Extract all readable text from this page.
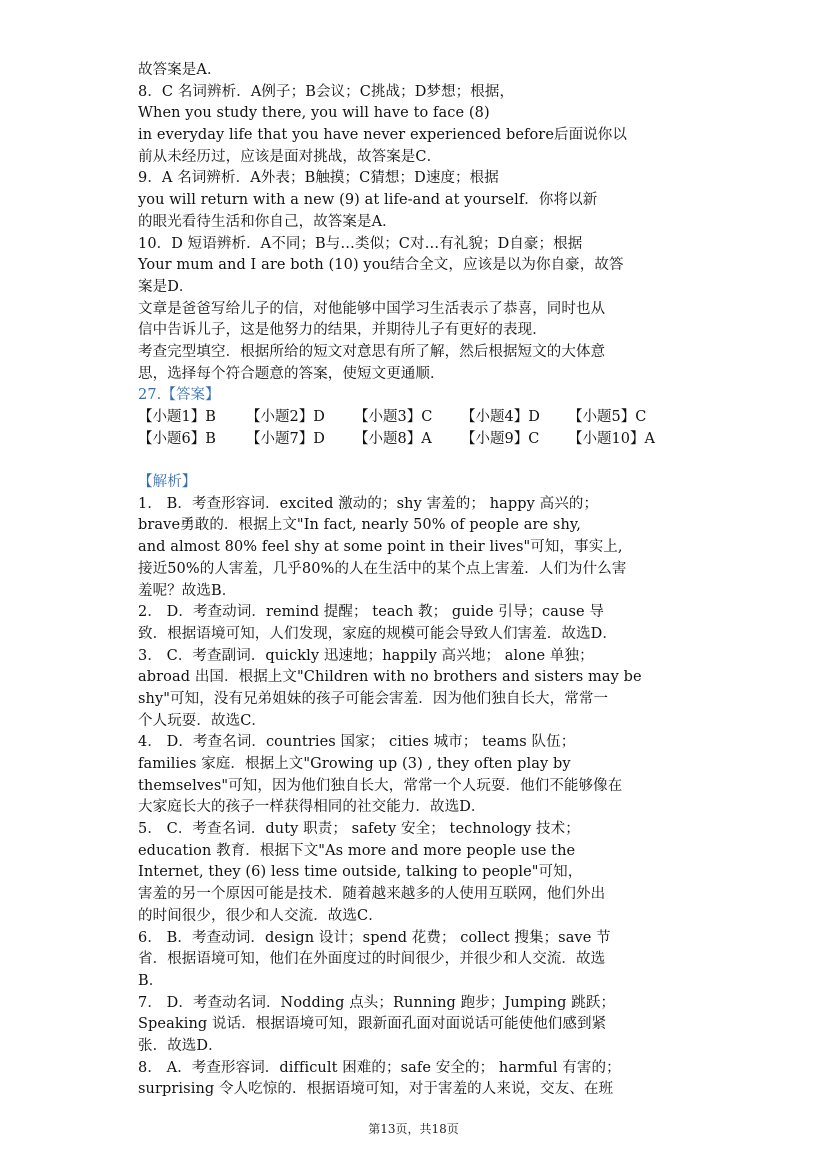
故答案是A．
8．C 名词辨析．A例子；B会议；C挑战；D梦想；根据，
When you study there, you will have to face (8)
in everyday life that you have never experienced before后面说你以
前从未经历过，应该是面对挑战，故答案是C．
9．A 名词辨析．A外表；B触摸；C猜想；D速度；根据
you will return with a new (9) at life-and at yourself．你将以新
的眼光看待生活和你自己，故答案是A．
10．D 短语辨析．A不同；B与…类似；C对…有礼貌；D自豪；根据
Your mum and I are both (10) you结合全文，应该是以为你自豪，故答
案是D．
文章是爸爸写给儿子的信，对他能够中国学习生活表示了恭喜，同时也从
信中告诉儿子，这是他努力的结果，并期待儿子有更好的表现．
考查完型填空．根据所给的短文对意思有所了解，然后根据短文的大体意
思，选择每个符合题意的答案，使短文更通顺．
27.【答案】
【小题1】B 【小题2】D 【小题3】C 【小题4】D 【小题5】C
【小题6】B 【小题7】D 【小题8】A 【小题9】C 【小题10】A
【解析】
1． B．考查形容词．excited 激动的；shy 害羞的； happy 高兴的；
brave勇敢的．根据上文"In fact, nearly 50% of people are shy,
and almost 80% feel shy at some point in their lives"可知，事实上,
接近50%的人害羞，几乎80%的人在生活中的某个点上害羞．人们为什么害
羞呢？故选B．
2． D．考查动词．remind 提醒； teach 教； guide 引导；cause 导
致．根据语境可知，人们发现，家庭的规模可能会导致人们害羞．故选D．
3． C．考查副词．quickly 迅速地；happily 高兴地； alone 单独；
abroad 出国．根据上文"Children with no brothers and sisters may be
shy"可知，没有兄弟姐妹的孩子可能会害羞．因为他们独自长大，常常一
个人玩耍．故选C．
4． D．考查名词．countries 国家； cities 城市； teams 队伍；
families 家庭．根据上文"Growing up (3) , they often play by
themselves"可知，因为他们独自长大，常常一个人玩耍．他们不能够像在
大家庭长大的孩子一样获得相同的社交能力．故选D．
5． C．考查名词．duty 职责； safety 安全； technology 技术；
education 教育．根据下文"As more and more people use the
Internet, they (6) less time outside, talking to people"可知，
害羞的另一个原因可能是技术．随着越来越多的人使用互联网，他们外出
的时间很少，很少和人交流．故选C．
6． B．考查动词．design 设计；spend 花费； collect 搜集；save 节
省．根据语境可知，他们在外面度过的时间很少，并很少和人交流．故选
B．
7． D．考查动名词．Nodding 点头；Running 跑步；Jumping 跳跃；
Speaking 说话．根据语境可知，跟新面孔面对面说话可能使他们感到紧
张．故选D．
8． A．考查形容词．difficult 困难的；safe 安全的； harmful 有害的；
surprising 令人吃惊的．根据语境可知，对于害羞的人来说，交友、在班
第13页，共18页
